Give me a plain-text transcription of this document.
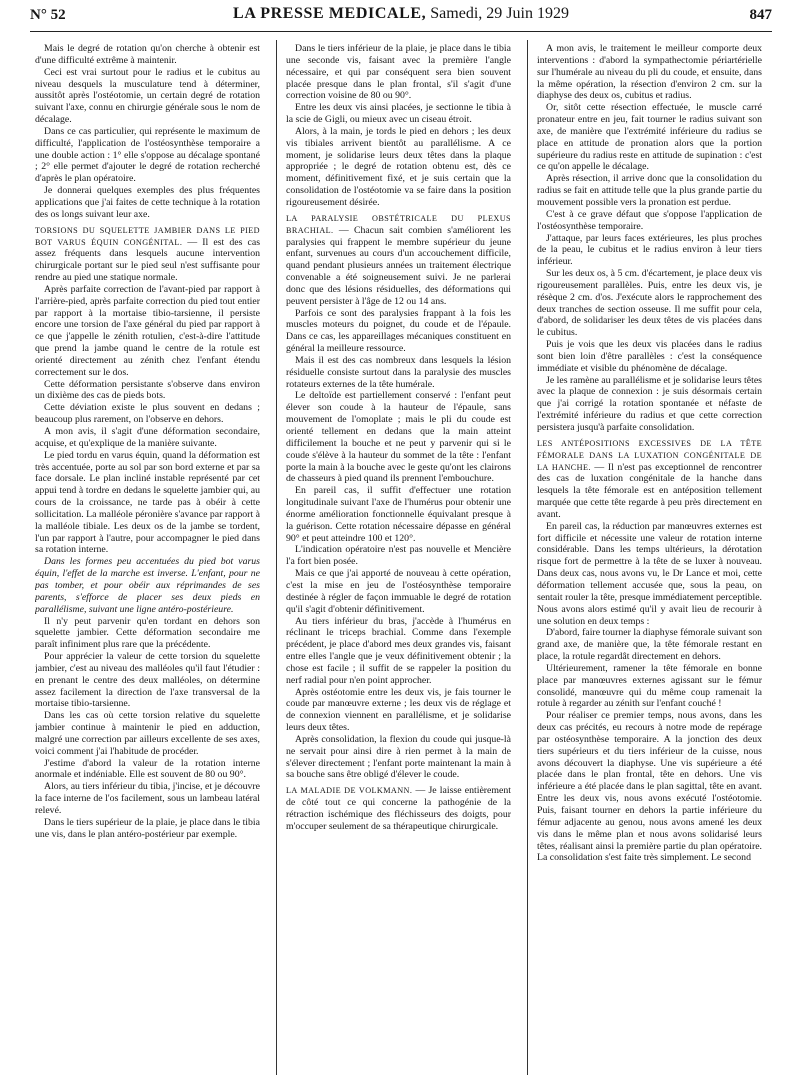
N° 52	LA PRESSE MEDICALE, Samedi, 29 Juin 1929	847

Mais le degré de rotation qu'on cherche à obtenir est d'une difficulté extrême à maintenir.

Ceci est vrai surtout pour le radius et le cubitus au niveau desquels la musculature tend à déterminer, aussitôt après l'ostéotomie, un certain degré de rotation suivant l'axe, connu en chirurgie générale sous le nom de décalage.

Dans ce cas particulier, qui représente le maximum de difficulté, l'application de l'ostéosynthèse temporaire a une double action : 1° elle s'oppose au décalage spontané ; 2° elle permet d'ajouter le degré de rotation recherché d'après le plan opératoire.

Je donnerai quelques exemples des plus fréquentes applications que j'ai faites de cette technique à la rotation des os longs suivant leur axe.

TORSIONS DU SQUELETTE JAMBIER DANS LE PIED BOT VARUS ÉQUIN CONGÉNITAL. — Il est des cas assez fréquents dans lesquels aucune intervention chirurgicale portant sur le pied seul n'est suffisante pour rendre au pied une statique normale.

Après parfaite correction de l'avant-pied par rapport à l'arrière-pied, après parfaite correction du pied tout entier par rapport à la mortaise tibio-tarsienne, il persiste encore une torsion de l'axe général du pied par rapport à ce que j'appelle le zénith rotulien, c'est-à-dire l'attitude que prend la jambe quand le centre de la rotule est orienté directement au zénith chez l'enfant étendu correctement sur le dos.

Cette déformation persistante s'observe dans environ un dixième des cas de pieds bots.

Cette déviation existe le plus souvent en dedans ; beaucoup plus rarement, on l'observe en dehors.

A mon avis, il s'agit d'une déformation secondaire, acquise, et qu'explique de la manière suivante.

Le pied tordu en varus équin, quand la déformation est très accentuée, porte au sol par son bord externe et par sa face dorsale. Le plan incliné instable représenté par cet appui tend à tordre en dedans le squelette jambier qui, au cours de la croissance, ne tarde pas à obéir à cette sollicitation. La malléole péronière s'avance par rapport à la malléole tibiale. Les deux os de la jambe se tordent, l'un par rapport à l'autre, pour accompagner le pied dans sa rotation interne.

Dans les formes peu accentuées du pied bot varus équin, l'effet de la marche est inverse. L'enfant, pour ne pas tomber, et pour obéir aux réprimandes de ses parents, s'efforce de placer ses deux pieds en parallélisme, suivant une ligne antéro-postérieure.

Il n'y peut parvenir qu'en tordant en dehors son squelette jambier. Cette déformation secondaire me paraît infiniment plus rare que la précédente.

Pour apprécier la valeur de cette torsion du squelette jambier, c'est au niveau des malléoles qu'il faut l'étudier : en prenant le centre des deux malléoles, on détermine assez facilement la direction de l'axe transversal de la mortaise tibio-tarsienne.

Dans les cas où cette torsion relative du squelette jambier continue à maintenir le pied en adduction, malgré une correction par ailleurs excellente de ses axes, voici comment j'ai l'habitude de procéder.

J'estime d'abord la valeur de la rotation interne anormale et indéniable. Elle est souvent de 80 ou 90°.

Alors, au tiers inférieur du tibia, j'incise, et je découvre la face interne de l'os facilement, sous un lambeau latéral relevé.

Dans le tiers supérieur de la plaie, je place dans le tibia une vis, dans le plan antéro-postérieur par exemple.

Dans le tiers inférieur de la plaie, je place dans le tibia une seconde vis, faisant avec la première l'angle nécessaire, et qui par conséquent sera bien souvent placée presque dans le plan frontal, s'il s'agit d'une correction voisine de 80 ou 90°.

Entre les deux vis ainsi placées, je sectionne le tibia à la scie de Gigli, ou mieux avec un ciseau étroit.

Alors, à la main, je tords le pied en dehors ; les deux vis tibiales arrivent bientôt au parallélisme. A ce moment, je solidarise leurs deux têtes dans la plaque appropriée ; le degré de rotation obtenu est, dès ce moment, définitivement fixé, et je suis certain que la consolidation de l'ostéotomie va se faire dans la position rigoureusement désirée.

LA PARALYSIE OBSTÉTRICALE DU PLEXUS BRACHIAL. — Chacun sait combien s'améliorent les paralysies qui frappent le membre supérieur du jeune enfant, survenues au cours d'un accouchement difficile, quand pendant plusieurs années un traitement électrique convenable a été soigneusement suivi. Je ne parlerai donc que des lésions résiduelles, des déformations qui peuvent persister à l'âge de 12 ou 14 ans.

Parfois ce sont des paralysies frappant à la fois les muscles moteurs du poignet, du coude et de l'épaule. Dans ce cas, les appareillages mécaniques constituent en général la meilleure ressource.

Mais il est des cas nombreux dans lesquels la lésion résiduelle consiste surtout dans la paralysie des muscles rotateurs externes de la tête humérale.

Le deltoïde est partiellement conservé : l'enfant peut élever son coude à la hauteur de l'épaule, sans mouvement de l'omoplate ; mais le pli du coude est orienté tellement en dedans que la main atteint difficilement la bouche et ne peut y parvenir qui si le coude s'élève à la hauteur du sommet de la tête : l'enfant porte la main à la bouche avec le geste qu'ont les clairons de chasseurs à pied quand ils prennent l'embouchure.

En pareil cas, il suffit d'effectuer une rotation longitudinale suivant l'axe de l'humérus pour obtenir une énorme amélioration fonctionnelle équivalant presque à la guérison. Cette rotation nécessaire dépasse en général 90° et peut atteindre 100 et 120°.

L'indication opératoire n'est pas nouvelle et Mencière l'a fort bien posée.

Mais ce que j'ai apporté de nouveau à cette opération, c'est la mise en jeu de l'ostéosynthèse temporaire destinée à régler de façon immuable le degré de rotation qu'il s'agit d'obtenir définitivement.

Au tiers inférieur du bras, j'accède à l'humérus en réclinant le triceps brachial. Comme dans l'exemple précédent, je place d'abord mes deux grandes vis, faisant entre elles l'angle que je veux définitivement obtenir ; la chose est facile ; il suffit de se rappeler la position du nerf radial pour n'en point approcher.

Après ostéotomie entre les deux vis, je fais tourner le coude par manœuvre externe ; les deux vis de réglage et de connexion viennent en parallélisme, et je solidarise leurs deux têtes.

Après consolidation, la flexion du coude qui jusque-là ne servait pour ainsi dire à rien permet à la main de s'élever directement ; l'enfant porte maintenant la main à sa bouche sans être obligé d'élever le coude.

LA MALADIE DE VOLKMANN. — Je laisse entièrement de côté tout ce qui concerne la pathogénie de la rétraction ischémique des fléchisseurs des doigts, pour m'occuper seulement de sa thérapeutique chirurgicale.

A mon avis, le traitement le meilleur comporte deux interventions : d'abord la sympathectomie périartérielle sur l'humérale au niveau du pli du coude, et ensuite, dans la même opération, la résection d'environ 2 cm. sur la diaphyse des deux os, cubitus et radius.

Or, sitôt cette résection effectuée, le muscle carré pronateur entre en jeu, fait tourner le radius suivant son axe, de manière que l'extrémité inférieure du radius se place en attitude de pronation alors que la portion supérieure du radius reste en attitude de supination : c'est ce qu'on appelle le décalage.

Après résection, il arrive donc que la consolidation du radius se fait en attitude telle que la plus grande partie du mouvement possible vers la pronation est perdue.

C'est à ce grave défaut que s'oppose l'application de l'ostéosynthèse temporaire.

J'attaque, par leurs faces extérieures, les plus proches de la peau, le cubitus et le radius environ à leur tiers inférieur.

Sur les deux os, à 5 cm. d'écartement, je place deux vis rigoureusement parallèles. Puis, entre les deux vis, je résèque 2 cm. d'os. J'exécute alors le rapprochement des deux tranches de section osseuse. Il me suffit pour cela, d'abord, de solidariser les deux têtes de vis placées dans le cubitus.

Puis je vois que les deux vis placées dans le radius sont bien loin d'être parallèles : c'est la conséquence immédiate et visible du phénomène de décalage.

Je les ramène au parallélisme et je solidarise leurs têtes avec la plaque de connexion : je suis désormais certain que j'ai corrigé la rotation spontanée et néfaste de l'extrémité inférieure du radius et que cette correction persistera jusqu'à parfaite consolidation.

LES ANTÉPOSITIONS EXCESSIVES DE LA TÊTE FÉMORALE DANS LA LUXATION CONGÉNITALE DE LA HANCHE. — Il n'est pas exceptionnel de rencontrer des cas de luxation congénitale de la hanche dans lesquels la tête fémorale est en antéposition tellement marquée que cette tête regarde à peu près directement en avant.

En pareil cas, la réduction par manœuvres externes est fort difficile et nécessite une valeur de rotation interne considérable. Dans les temps ultérieurs, la dérotation risque fort de permettre à la tête de se luxer à nouveau. Dans deux cas, nous avons vu, le Dr Lance et moi, cette déformation tellement accusée que, sous la peau, on sentait rouler la tête, presque immédiatement perceptible. Nous avons alors estimé qu'il y avait lieu de recourir à une solution en deux temps :

D'abord, faire tourner la diaphyse fémorale suivant son grand axe, de manière que, la tête fémorale restant en place, la rotule regardât directement en dehors.

Ultérieurement, ramener la tête fémorale en bonne place par manœuvres externes agissant sur le fémur consolidé, manœuvre qui du même coup ramenait la rotule à regarder au zénith sur l'enfant couché !

Pour réaliser ce premier temps, nous avons, dans les deux cas précités, eu recours à notre mode de repérage par ostéosynthèse temporaire. A la jonction des deux tiers supérieurs et du tiers inférieur de la cuisse, nous avons découvert la diaphyse. Une vis supérieure a été placée dans le plan frontal, tête en dehors. Une vis inférieure a été placée dans le plan sagittal, tête en avant. Entre les deux vis, nous avons exécuté l'ostéotomie. Puis, faisant tourner en dehors la partie inférieure du fémur adjacente au genou, nous avons amené les deux vis dans le même plan et nous avons solidarisé leurs têtes, réalisant ainsi la première partie du plan opératoire. La consolidation s'est faite très simplement. Le second
